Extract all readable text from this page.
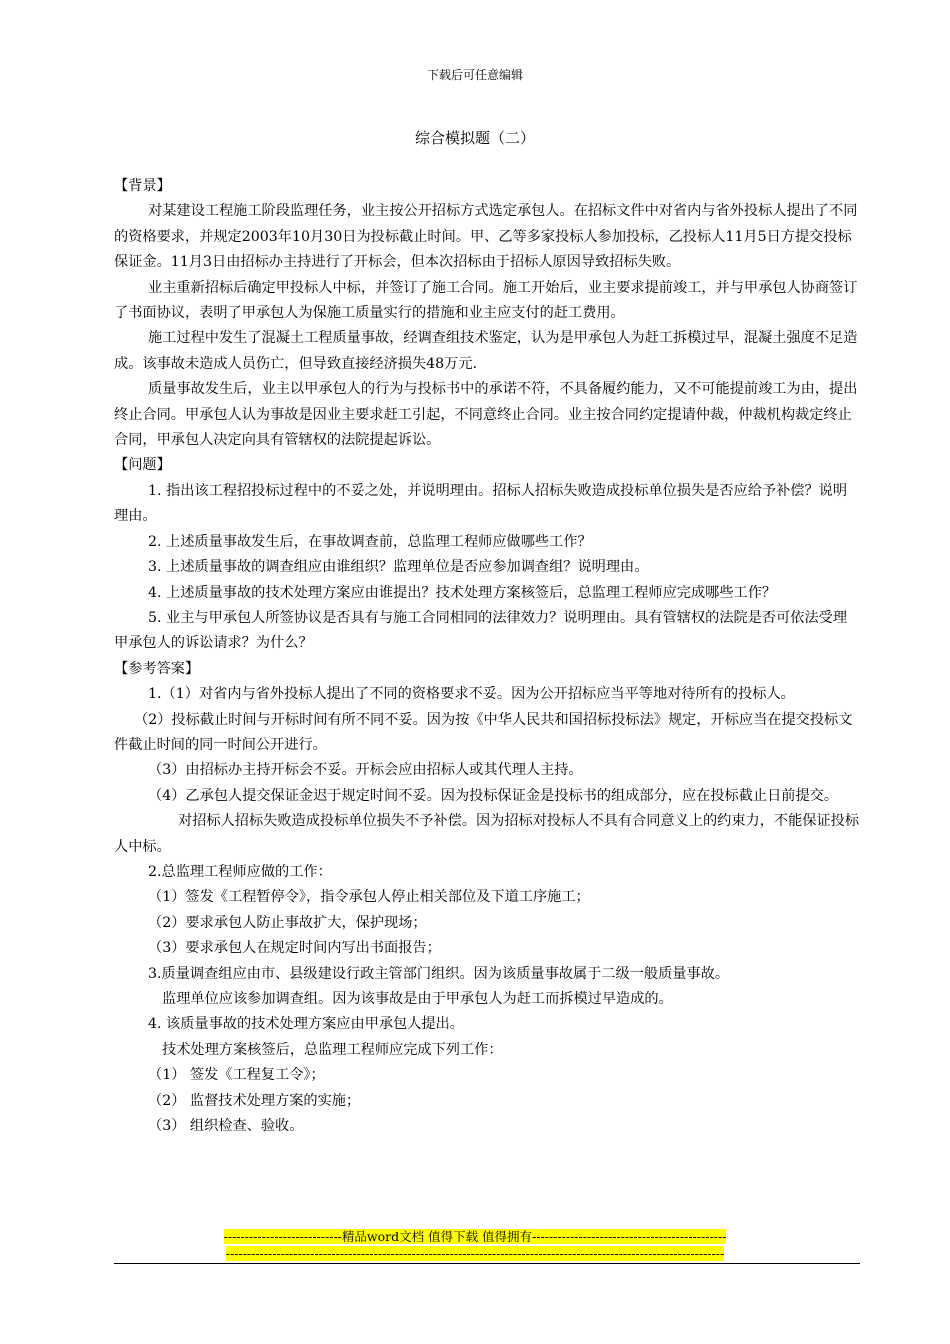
下载后可任意编辑
综合模拟题（二）

【背景】

对某建设工程施工阶段监理任务，业主按公开招标方式选定承包人。在招标文件中对省内与省外投标人提出了不同的资格要求，并规定2003年10月30日为投标截止时间。甲、乙等多家投标人参加投标，乙投标人11月5日方提交投标保证金。11月3日由招标办主持进行了开标会，但本次招标由于招标人原因导致招标失败。

业主重新招标后确定甲投标人中标，并签订了施工合同。施工开始后，业主要求提前竣工，并与甲承包人协商签订了书面协议，表明了甲承包人为保施工质量实行的措施和业主应支付的赶工费用。

施工过程中发生了混凝土工程质量事故，经调查组技术鉴定，认为是甲承包人为赶工拆模过早，混凝土强度不足造成。该事故未造成人员伤亡，但导致直接经济损失48万元.

质量事故发生后，业主以甲承包人的行为与投标书中的承诺不符，不具备履约能力，又不可能提前竣工为由，提出终止合同。甲承包人认为事故是因业主要求赶工引起，不同意终止合同。业主按合同约定提请仲裁，仲裁机构裁定终止合同，甲承包人决定向具有管辖权的法院提起诉讼。

【问题】

1. 指出该工程招投标过程中的不妥之处，并说明理由。招标人招标失败造成投标单位损失是否应给予补偿？说明理由。

2. 上述质量事故发生后，在事故调查前，总监理工程师应做哪些工作？

3. 上述质量事故的调查组应由谁组织？监理单位是否应参加调查组？说明理由。

4. 上述质量事故的技术处理方案应由谁提出？技术处理方案核签后，总监理工程师应完成哪些工作？

5. 业主与甲承包人所签协议是否具有与施工合同相同的法律效力？说明理由。具有管辖权的法院是否可依法受理甲承包人的诉讼请求？为什么？

【参考答案】

1.（1）对省内与省外投标人提出了不同的资格要求不妥。因为公开招标应当平等地对待所有的投标人。

（2）投标截止时间与开标时间有所不同不妥。因为按《中华人民共和国招标投标法》规定，开标应当在提交投标文件截止时间的同一时间公开进行。

（3）由招标办主持开标会不妥。开标会应由招标人或其代理人主持。

（4）乙承包人提交保证金迟于规定时间不妥。因为投标保证金是投标书的组成部分，应在投标截止日前提交。

对招标人招标失败造成投标单位损失不予补偿。因为招标对投标人不具有合同意义上的约束力，不能保证投标人中标。

2.总监理工程师应做的工作：

（1）签发《工程暂停令》，指令承包人停止相关部位及下道工序施工；

（2）要求承包人防止事故扩大，保护现场；

（3）要求承包人在规定时间内写出书面报告；

3.质量调查组应由市、县级建设行政主管部门组织。因为该质量事故属于二级一般质量事故。

监理单位应该参加调查组。因为该事故是由于甲承包人为赶工而拆模过早造成的。

4. 该质量事故的技术处理方案应由甲承包人提出。

技术处理方案核签后，总监理工程师应完成下列工作：

（1） 签发《工程复工令》；

（2） 监督技术处理方案的实施；

（3） 组织检查、验收。

----------------------------精品word文档 值得下载 值得拥有----------------------------------------------
----------------------------------------------------------------------------------------------------------------------
